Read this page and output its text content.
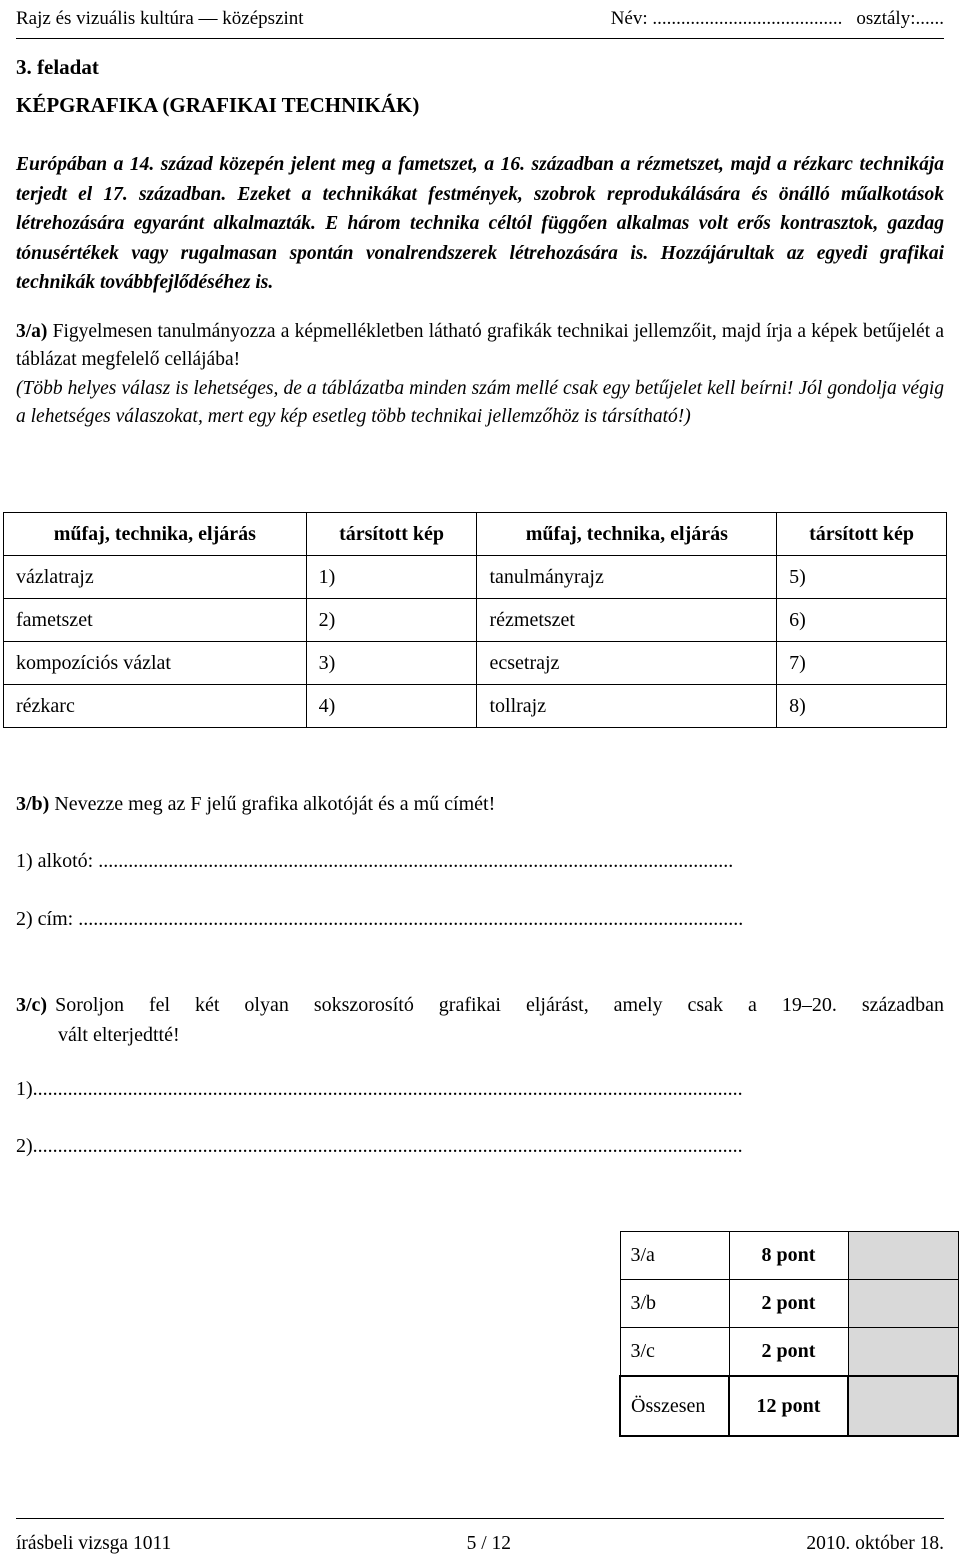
Rajz és vizuális kultúra — középszint	Név: ........................................ osztály:......

3. feladat

KÉPGRAFIKA (GRAFIKAI TECHNIKÁK)

Európában a 14. század közepén jelent meg a fametszet, a 16. században a rézmetszet, majd a rézkarc technikája terjedt el 17. században. Ezeket a technikákat festmények, szobrok reprodukálására és önálló műalkotások létrehozására egyaránt alkalmazták. E három technika céltól függően alkalmas volt erős kontrasztok, gazdag tónusértékek vagy rugalmasan spontán vonalrendszerek létrehozására is. Hozzájárultak az egyedi grafikai technikák továbbfejlődéséhez is.

3/a) Figyelmesen tanulmányozza a képmellékletben látható grafikák technikai jellemzőit, majd írja a képek betűjelét a táblázat megfelelő cellájába!

(Több helyes válasz is lehetséges, de a táblázatba minden szám mellé csak egy betűjelet kell beírni! Jól gondolja végig a lehetséges válaszokat, mert egy kép esetleg több technikai jellemzőhöz is társítható!)

műfaj, technika, eljárás	társított kép	műfaj, technika, eljárás	társított kép
vázlatrajz	1)	tanulmányrajz	5)
fametszet	2)	rézmetszet	6)
kompozíciós vázlat	3)	ecsetrajz	7)
rézkarc	4)	tollrajz	8)
3/b) Nevezze meg az F jelű grafika alkotóját és a mű címét!
1) alkotó: ...............................................................................................................................
2) cím: .....................................................................................................................................
3/c) Soroljon fel két olyan sokszorosító grafikai eljárást, amely csak a 19–20. században
vált elterjedtté!
1)..............................................................................................................................................
2)..............................................................................................................................................
3/a	8 pont	
3/b	2 pont	
3/c	2 pont	
Összesen	12 pont	
írásbeli vizsga 1011	5 / 12	2010. október 18.
